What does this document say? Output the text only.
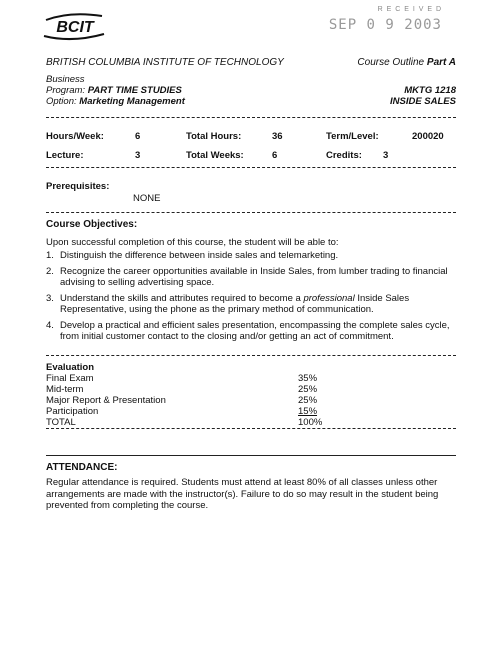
BCIT
R E C E I V E D
SEP 0 9 2003
BRITISH COLUMBIA INSTITUTE OF TECHNOLOGY	Course Outline Part A
Business
Program: PART TIME STUDIES
Option: Marketing Management
MKTG 1218
INSIDE SALES
Hours/Week:	6	Total Hours:	36	Term/Level:	200020
Lecture:	3	Total Weeks:	6	Credits: 3
Prerequisites:
NONE
Course Objectives:
Upon successful completion of this course, the student will be able to:
1. Distinguish the difference between inside sales and telemarketing.
2. Recognize the career opportunities available in Inside Sales, from lumber trading to financial advising to selling advertising space.
3. Understand the skills and attributes required to become a professional Inside Sales Representative, using the phone as the primary method of communication.
4. Develop a practical and efficient sales presentation, encompassing the complete sales cycle, from initial customer contact to the closing and/or getting an act of commitment.
Evaluation
Final Exam	35%
Mid-term	25%
Major Report & Presentation	25%
Participation	15%
TOTAL	100%
ATTENDANCE:
Regular attendance is required. Students must attend at least 80% of all classes unless other arrangements are made with the instructor(s). Failure to do so may result in the student being prevented from completing the course.
